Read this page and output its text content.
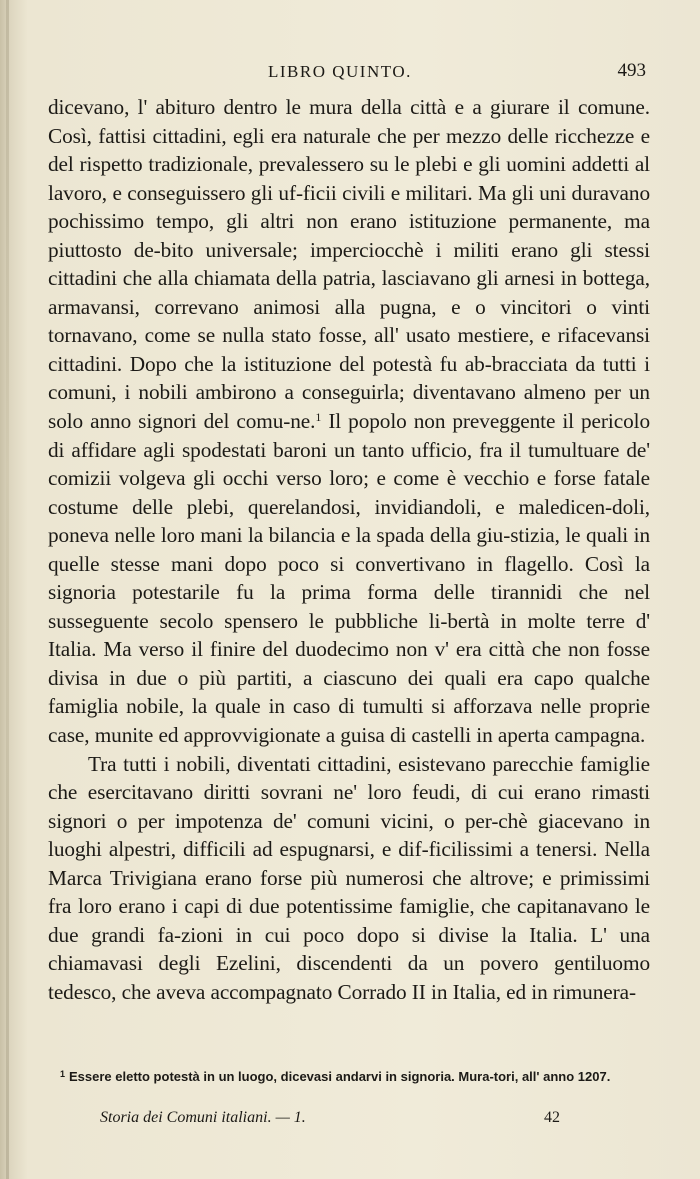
LIBRO QUINTO.	493

dicevano, l' abituro dentro le mura della città e a giurare il comune. Così, fattisi cittadini, egli era naturale che per mezzo delle ricchezze e del rispetto tradizionale, prevalessero su le plebi e gli uomini addetti al lavoro, e conseguissero gli uf-ficii civili e militari. Ma gli uni duravano pochissimo tempo, gli altri non erano istituzione permanente, ma piuttosto de-bito universale; imperciocchè i militi erano gli stessi cittadini che alla chiamata della patria, lasciavano gli arnesi in bottega, armavansi, correvano animosi alla pugna, e o vincitori o vinti tornavano, come se nulla stato fosse, all' usato mestiere, e rifacevansi cittadini. Dopo che la istituzione del potestà fu ab-bracciata da tutti i comuni, i nobili ambirono a conseguirla; diventavano almeno per un solo anno signori del comu-ne.$^1$ Il popolo non preveggente il pericolo di affidare agli spodestati baroni un tanto ufficio, fra il tumultuare de' comizii volgeva gli occhi verso loro; e come è vecchio e forse fatale costume delle plebi, querelandosi, invidiandoli, e maledicen-doli, poneva nelle loro mani la bilancia e la spada della giu-stizia, le quali in quelle stesse mani dopo poco si convertivano in flagello. Così la signoria potestarile fu la prima forma delle tirannidi che nel susseguente secolo spensero le pubbliche li-bertà in molte terre d' Italia. Ma verso il finire del duodecimo non v' era città che non fosse divisa in due o più partiti, a ciascuno dei quali era capo qualche famiglia nobile, la quale in caso di tumulti si afforzava nelle proprie case, munite ed approvvigionate a guisa di castelli in aperta campagna.

Tra tutti i nobili, diventati cittadini, esistevano parecchie famiglie che esercitavano diritti sovrani ne' loro feudi, di cui erano rimasti signori o per impotenza de' comuni vicini, o per-chè giacevano in luoghi alpestri, difficili ad espugnarsi, e dif-ficilissimi a tenersi. Nella Marca Trivigiana erano forse più numerosi che altrove; e primissimi fra loro erano i capi di due potentissime famiglie, che capitanavano le due grandi fa-zioni in cui poco dopo si divise la Italia. L' una chiamavasi degli Ezelini, discendenti da un povero gentiluomo tedesco, che aveva accompagnato Corrado II in Italia, ed in rimunera-

$^1$ Essere eletto potestà in un luogo, dicevasi andarvi in signoria. Mura-tori, all' anno 1207.
Storia dei Comuni italiani. — 1.	42
